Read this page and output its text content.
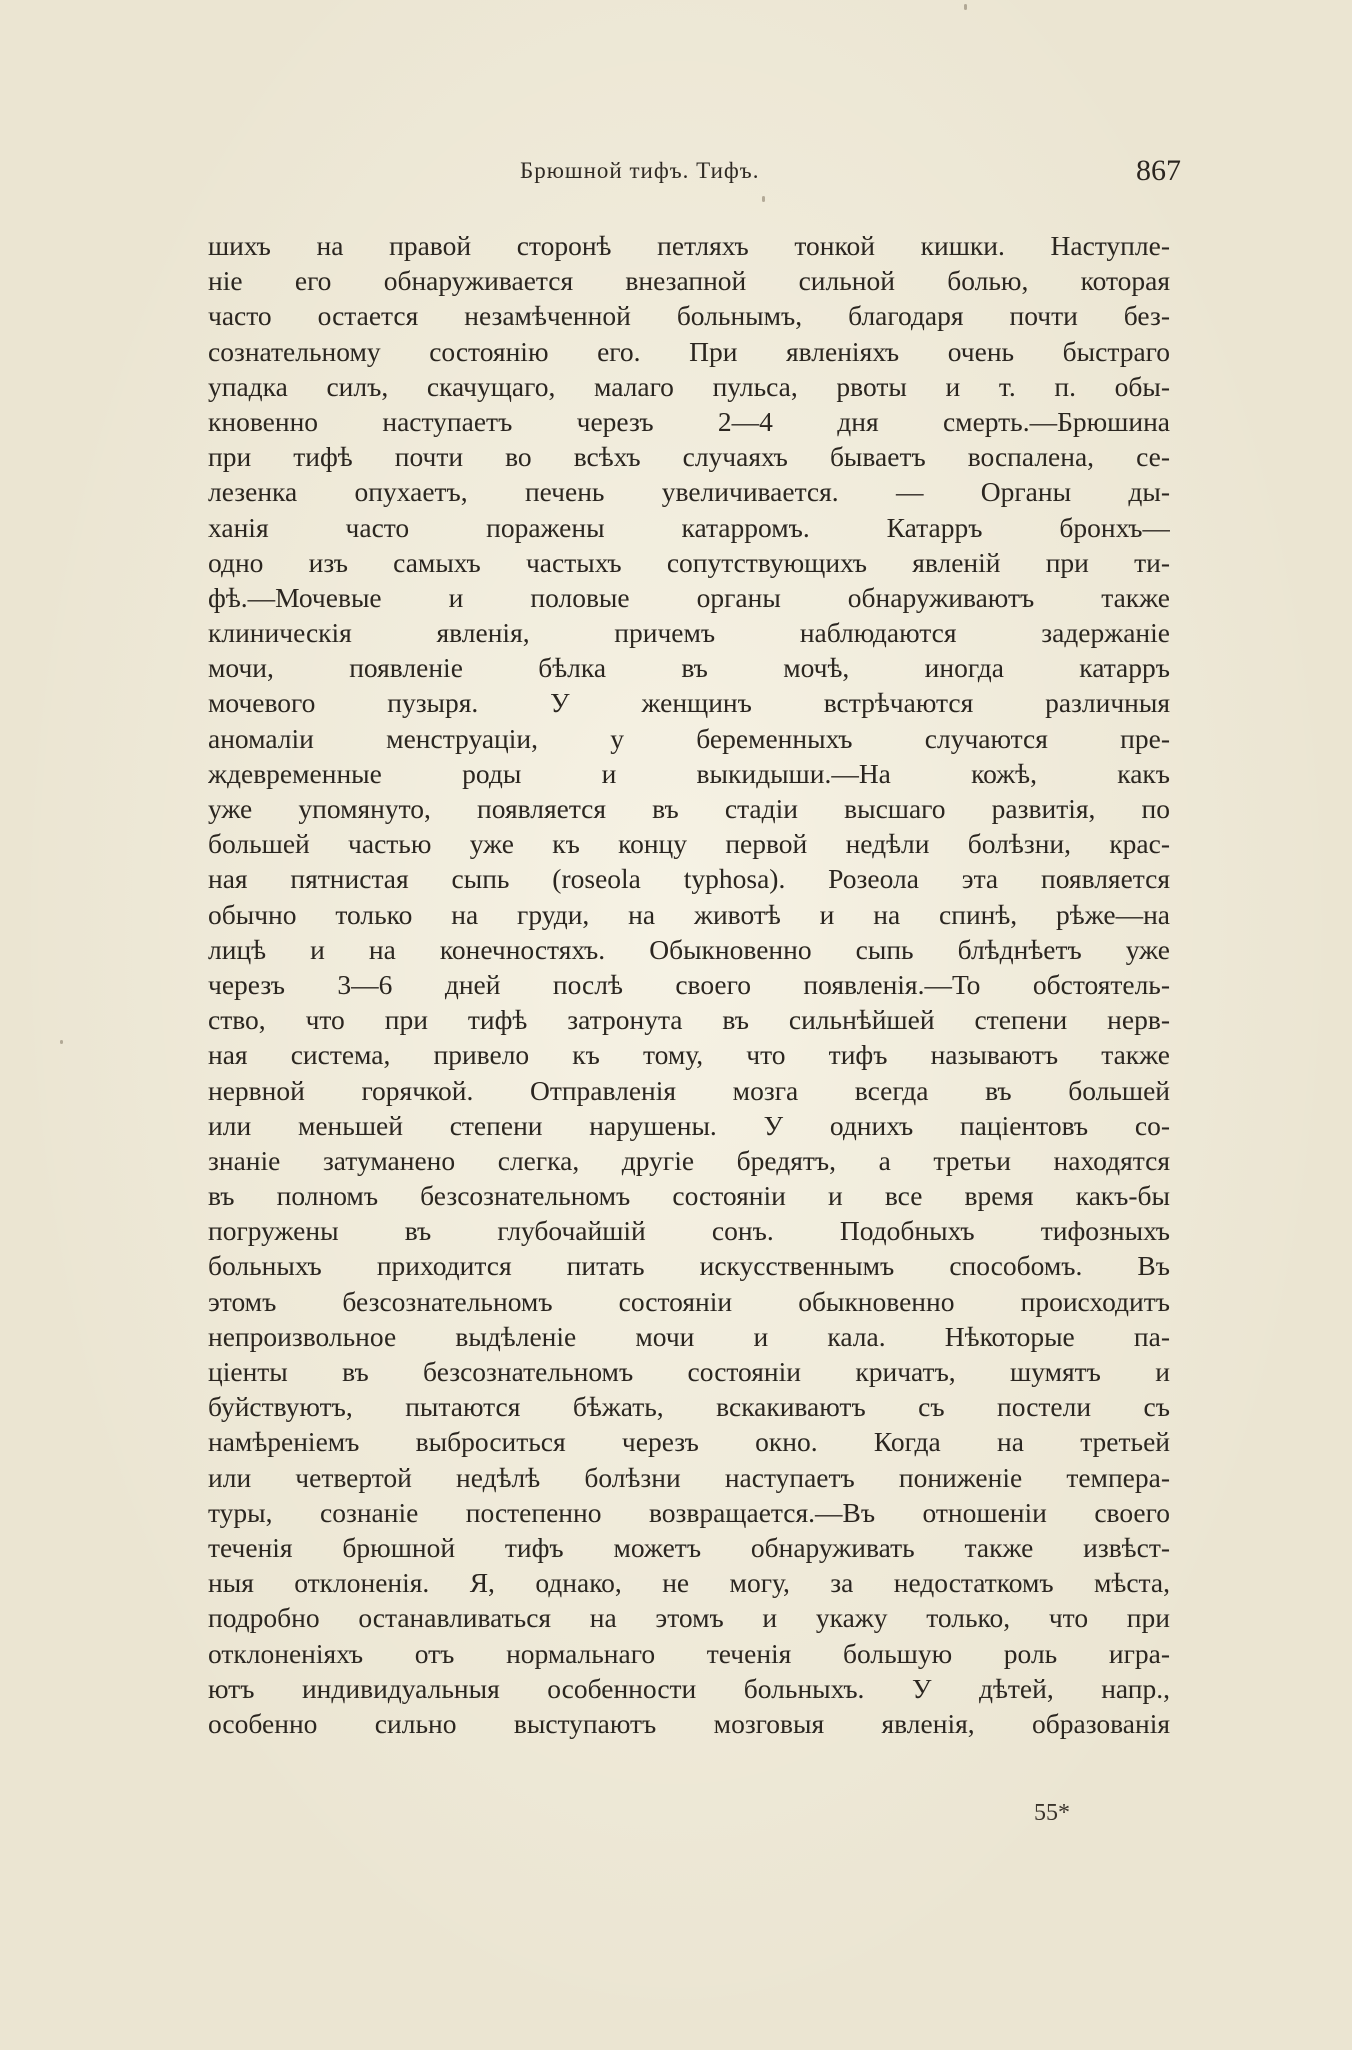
Брюшной тифъ. Тифъ.	867
шихъ на правой сторонѣ петляхъ тонкой кишки. Наступле-
ніе его обнаруживается внезапной сильной болью, которая
часто остается незамѣченной больнымъ, благодаря почти без-
сознательному состоянію его. При явленіяхъ очень быстраго
упадка силъ, скачущаго, малаго пульса, рвоты и т. п. обы-
кновенно наступаетъ черезъ 2—4 дня смерть.—Брюшина
при тифѣ почти во всѣхъ случаяхъ бываетъ воспалена, се-
лезенка опухаетъ, печень увеличивается. — Органы ды-
ханія часто поражены катарромъ. Катарръ бронхъ—
одно изъ самыхъ частыхъ сопутствующихъ явленій при ти-
фѣ.—Мочевые и половые органы обнаруживаютъ также
клиническія явленія, причемъ наблюдаются задержаніе
мочи, появленіе бѣлка въ мочѣ, иногда катарръ
мочевого пузыря. У женщинъ встрѣчаются различныя
аномаліи менструаціи, у беременныхъ случаются пре-
ждевременные роды и выкидыши.—На кожѣ, какъ
уже упомянуто, появляется въ стадіи высшаго развитія, по
большей частью уже къ концу первой недѣли болѣзни, крас-
ная пятнистая сыпь (roseola typhosa). Розеола эта появляется
обычно только на груди, на животѣ и на спинѣ, рѣже—на
лицѣ и на конечностяхъ. Обыкновенно сыпь блѣднѣетъ уже
черезъ 3—6 дней послѣ своего появленія.—То обстоятель-
ство, что при тифѣ затронута въ сильнѣйшей степени нерв-
ная система, привело къ тому, что тифъ называютъ также
нервной горячкой. Отправленія мозга всегда въ большей
или меньшей степени нарушены. У однихъ паціентовъ со-
знаніе затуманено слегка, другіе бредятъ, а третьи находятся
въ полномъ безсознательномъ состояніи и все время какъ-бы
погружены въ глубочайшій сонъ. Подобныхъ тифозныхъ
больныхъ приходится питать искусственнымъ способомъ. Въ
этомъ безсознательномъ состояніи обыкновенно происходитъ
непроизвольное выдѣленіе мочи и кала. Нѣкоторые па-
ціенты въ безсознательномъ состояніи кричатъ, шумятъ и
буйствуютъ, пытаются бѣжать, вскакиваютъ съ постели съ
намѣреніемъ выброситься черезъ окно. Когда на третьей
или четвертой недѣлѣ болѣзни наступаетъ пониженіе темпера-
туры, сознаніе постепенно возвращается.—Въ отношеніи своего
теченія брюшной тифъ можетъ обнаруживать также извѣст-
ныя отклоненія. Я, однако, не могу, за недостаткомъ мѣста,
подробно останавливаться на этомъ и укажу только, что при
отклоненіяхъ отъ нормальнаго теченія большую роль игра-
ютъ индивидуальныя особенности больныхъ. У дѣтей, напр.,
особенно сильно выступаютъ мозговыя явленія, образованія
55*
